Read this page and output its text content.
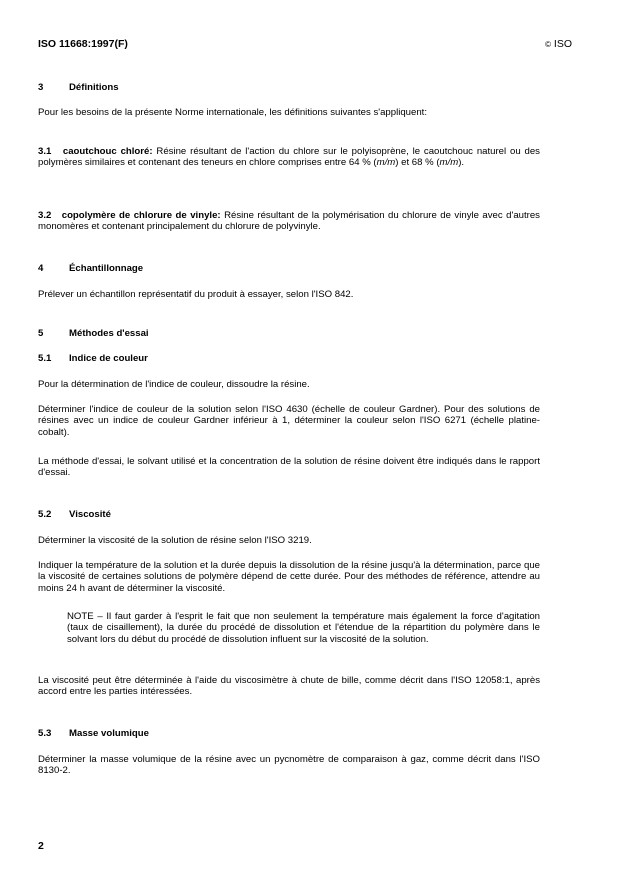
ISO 11668:1997(F)	© ISO
3	Définitions
Pour les besoins de la présente Norme internationale, les définitions suivantes s'appliquent:
3.1 caoutchouc chloré: Résine résultant de l'action du chlore sur le polyisoprène, le caoutchouc naturel ou des polymères similaires et contenant des teneurs en chlore comprises entre 64 % (m/m) et 68 % (m/m).
3.2 copolymère de chlorure de vinyle: Résine résultant de la polymérisation du chlorure de vinyle avec d'autres monomères et contenant principalement du chlorure de polyvinyle.
4	Échantillonnage
Prélever un échantillon représentatif du produit à essayer, selon l'ISO 842.
5	Méthodes d'essai
5.1 Indice de couleur
Pour la détermination de l'indice de couleur, dissoudre la résine.
Déterminer l'indice de couleur de la solution selon l'ISO 4630 (échelle de couleur Gardner). Pour des solutions de résines avec un indice de couleur Gardner inférieur à 1, déterminer la couleur selon l'ISO 6271 (échelle platine-cobalt).
La méthode d'essai, le solvant utilisé et la concentration de la solution de résine doivent être indiqués dans le rapport d'essai.
5.2 Viscosité
Déterminer la viscosité de la solution de résine selon l'ISO 3219.
Indiquer la température de la solution et la durée depuis la dissolution de la résine jusqu'à la détermination, parce que la viscosité de certaines solutions de polymère dépend de cette durée. Pour des méthodes de référence, attendre au moins 24 h avant de déterminer la viscosité.
NOTE – Il faut garder à l'esprit le fait que non seulement la température mais également la force d'agitation (taux de cisaillement), la durée du procédé de dissolution et l'étendue de la répartition du polymère dans le solvant lors du début du procédé de dissolution influent sur la viscosité de la solution.
La viscosité peut être déterminée à l'aide du viscosimètre à chute de bille, comme décrit dans l'ISO 12058:1, après accord entre les parties intéressées.
5.3 Masse volumique
Déterminer la masse volumique de la résine avec un pycnomètre de comparaison à gaz, comme décrit dans l'ISO 8130-2.
2
